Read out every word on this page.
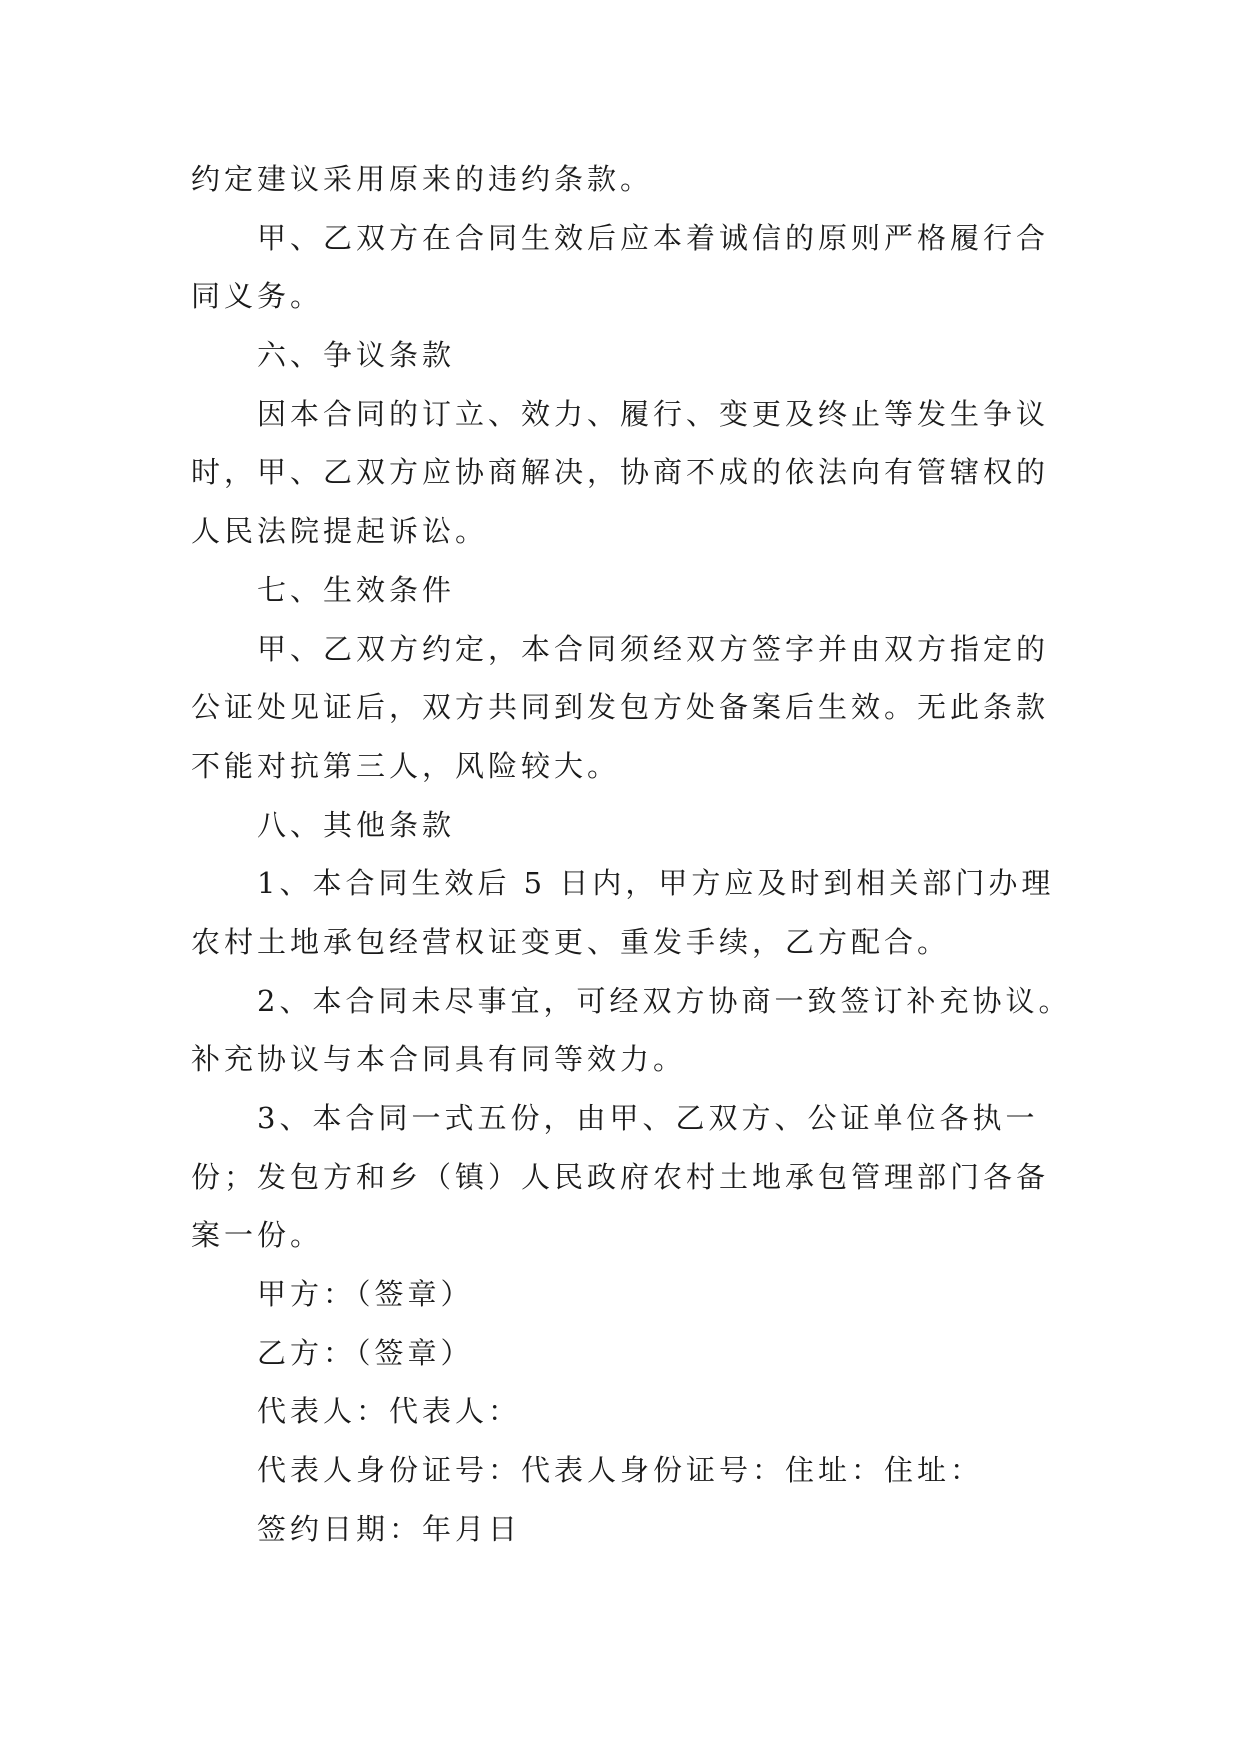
约定建议采用原来的违约条款。
甲、乙双方在合同生效后应本着诚信的原则严格履行合
同义务。
六、争议条款
因本合同的订立、效力、履行、变更及终止等发生争议
时，甲、乙双方应协商解决，协商不成的依法向有管辖权的
人民法院提起诉讼。
七、生效条件
甲、乙双方约定，本合同须经双方签字并由双方指定的
公证处见证后，双方共同到发包方处备案后生效。无此条款
不能对抗第三人，风险较大。
八、其他条款
1、本合同生效后 5 日内，甲方应及时到相关部门办理
农村土地承包经营权证变更、重发手续，乙方配合。
2、本合同未尽事宜，可经双方协商一致签订补充协议。
补充协议与本合同具有同等效力。
3、本合同一式五份，由甲、乙双方、公证单位各执一
份；发包方和乡（镇）人民政府农村土地承包管理部门各备
案一份。
甲方：（签章）
乙方：（签章）
代表人：代表人：
代表人身份证号：代表人身份证号：住址：住址：
签约日期：年月日
